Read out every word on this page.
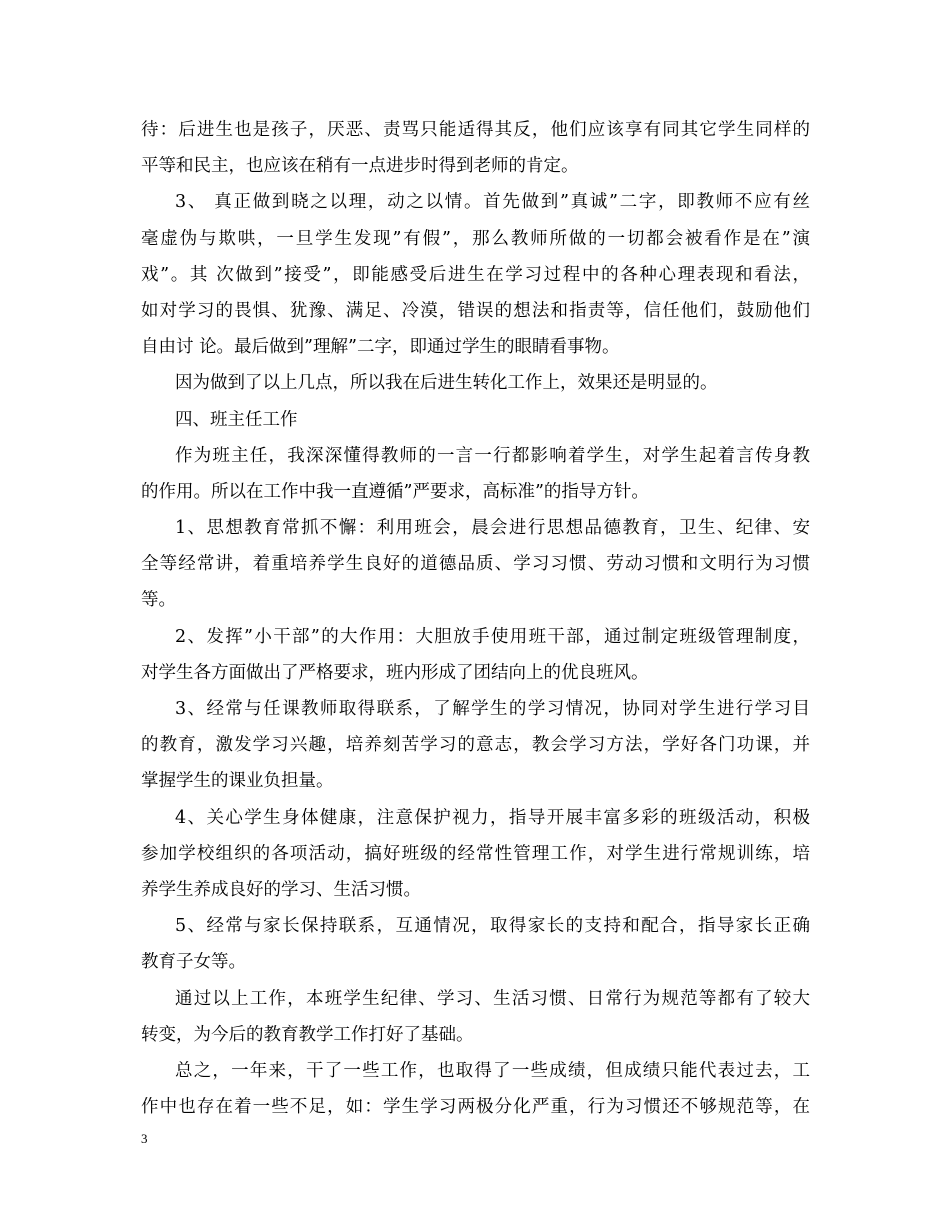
待：后进生也是孩子，厌恶、责骂只能适得其反，他们应该享有同其它学生同样的
平等和民主，也应该在稍有一点进步时得到老师的肯定。
3、 真正做到晓之以理，动之以情。首先做到”真诚”二字，即教师不应有丝
毫虚伪与欺哄，一旦学生发现”有假”，那么教师所做的一切都会被看作是在”演
戏”。其 次做到”接受”，即能感受后进生在学习过程中的各种心理表现和看法，
如对学习的畏惧、犹豫、满足、冷漠，错误的想法和指责等，信任他们，鼓励他们
自由讨 论。最后做到”理解”二字，即通过学生的眼睛看事物。
因为做到了以上几点，所以我在后进生转化工作上，效果还是明显的。
四、班主任工作
作为班主任，我深深懂得教师的一言一行都影响着学生，对学生起着言传身教
的作用。所以在工作中我一直遵循”严要求，高标准”的指导方针。
1、思想教育常抓不懈：利用班会，晨会进行思想品德教育，卫生、纪律、安
全等经常讲，着重培养学生良好的道德品质、学习习惯、劳动习惯和文明行为习惯
等。
2、发挥”小干部”的大作用：大胆放手使用班干部，通过制定班级管理制度，
对学生各方面做出了严格要求，班内形成了团结向上的优良班风。
3、经常与任课教师取得联系，了解学生的学习情况，协同对学生进行学习目
的教育，激发学习兴趣，培养刻苦学习的意志，教会学习方法，学好各门功课，并
掌握学生的课业负担量。
4、关心学生身体健康，注意保护视力，指导开展丰富多彩的班级活动，积极
参加学校组织的各项活动，搞好班级的经常性管理工作，对学生进行常规训练，培
养学生养成良好的学习、生活习惯。
5、经常与家长保持联系，互通情况，取得家长的支持和配合，指导家长正确
教育子女等。
通过以上工作，本班学生纪律、学习、生活习惯、日常行为规范等都有了较大
转变，为今后的教育教学工作打好了基础。
总之，一年来，干了一些工作，也取得了一些成绩，但成绩只能代表过去，工
作中也存在着一些不足，如：学生学习两极分化严重，行为习惯还不够规范等，在
3
